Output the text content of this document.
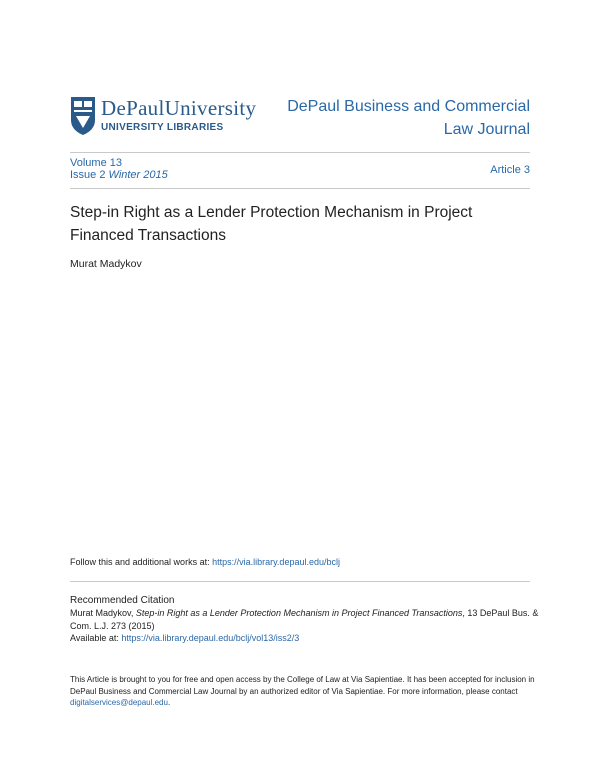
DePaulUniversity
UNIVERSITY LIBRARIES
DePaul Business and Commercial
Law Journal
Volume 13
Issue 2 Winter 2015	Article 3
Step-in Right as a Lender Protection Mechanism in Project Financed Transactions
Murat Madykov
Follow this and additional works at: https://via.library.depaul.edu/bclj
Recommended Citation
Murat Madykov, Step-in Right as a Lender Protection Mechanism in Project Financed Transactions, 13 DePaul Bus. & Com. L.J. 273 (2015)
Available at: https://via.library.depaul.edu/bclj/vol13/iss2/3
This Article is brought to you for free and open access by the College of Law at Via Sapientiae. It has been accepted for inclusion in DePaul Business and Commercial Law Journal by an authorized editor of Via Sapientiae. For more information, please contact digitalservices@depaul.edu.
